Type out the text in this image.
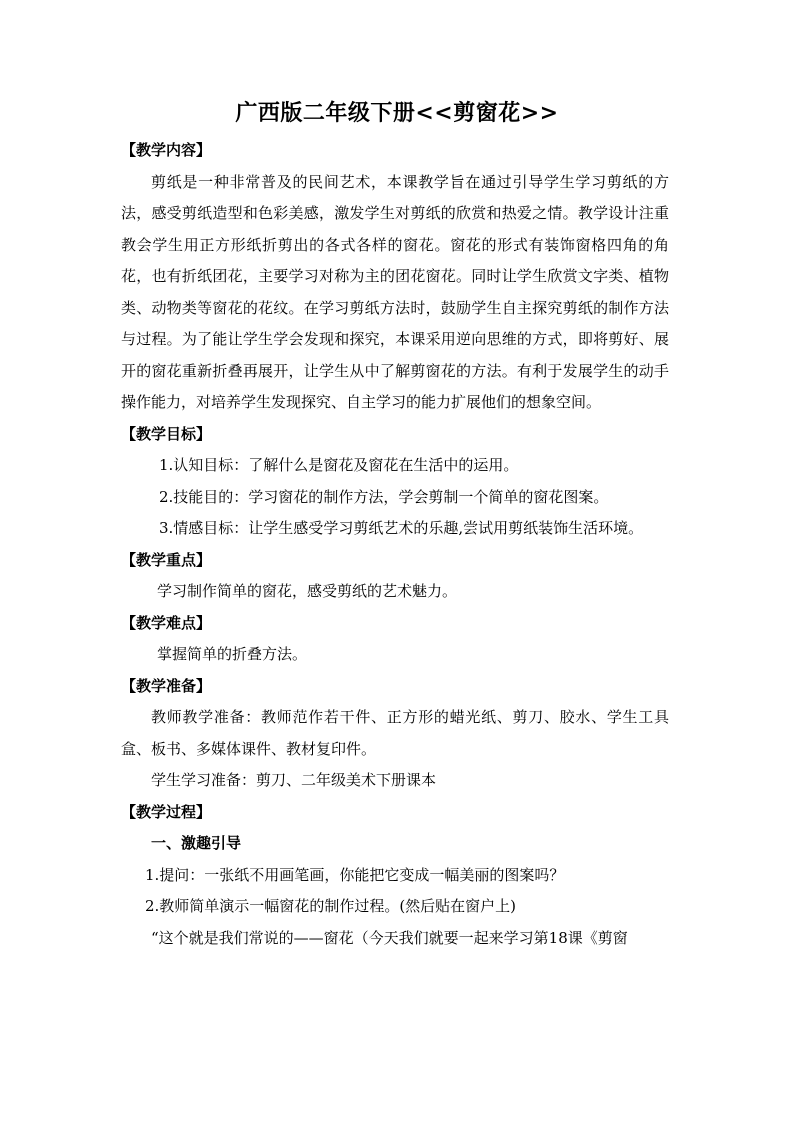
广西版二年级下册<<剪窗花>>

【教学内容】

剪纸是一种非常普及的民间艺术，本课教学旨在通过引导学生学习剪纸的方法，感受剪纸造型和色彩美感，激发学生对剪纸的欣赏和热爱之情。教学设计注重教会学生用正方形纸折剪出的各式各样的窗花。窗花的形式有装饰窗格四角的角花，也有折纸团花，主要学习对称为主的团花窗花。同时让学生欣赏文字类、植物类、动物类等窗花的花纹。在学习剪纸方法时，鼓励学生自主探究剪纸的制作方法与过程。为了能让学生学会发现和探究，本课采用逆向思维的方式，即将剪好、展开的窗花重新折叠再展开，让学生从中了解剪窗花的方法。有利于发展学生的动手操作能力，对培养学生发现探究、自主学习的能力扩展他们的想象空间。

【教学目标】

1.认知目标：了解什么是窗花及窗花在生活中的运用。

2.技能目的：学习窗花的制作方法，学会剪制一个简单的窗花图案。

3.情感目标：让学生感受学习剪纸艺术的乐趣,尝试用剪纸装饰生活环境。

【教学重点】

学习制作简单的窗花，感受剪纸的艺术魅力。

【教学难点】

掌握简单的折叠方法。

【教学准备】

教师教学准备：教师范作若干件、正方形的蜡光纸、剪刀、胶水、学生工具盒、板书、多媒体课件、教材复印件。

学生学习准备：剪刀、二年级美术下册课本

【教学过程】

一、激趣引导

1.提问：一张纸不用画笔画，你能把它变成一幅美丽的图案吗？

2.教师简单演示一幅窗花的制作过程。(然后贴在窗户上)

“这个就是我们常说的——窗花（今天我们就要一起来学习第18课《剪窗
